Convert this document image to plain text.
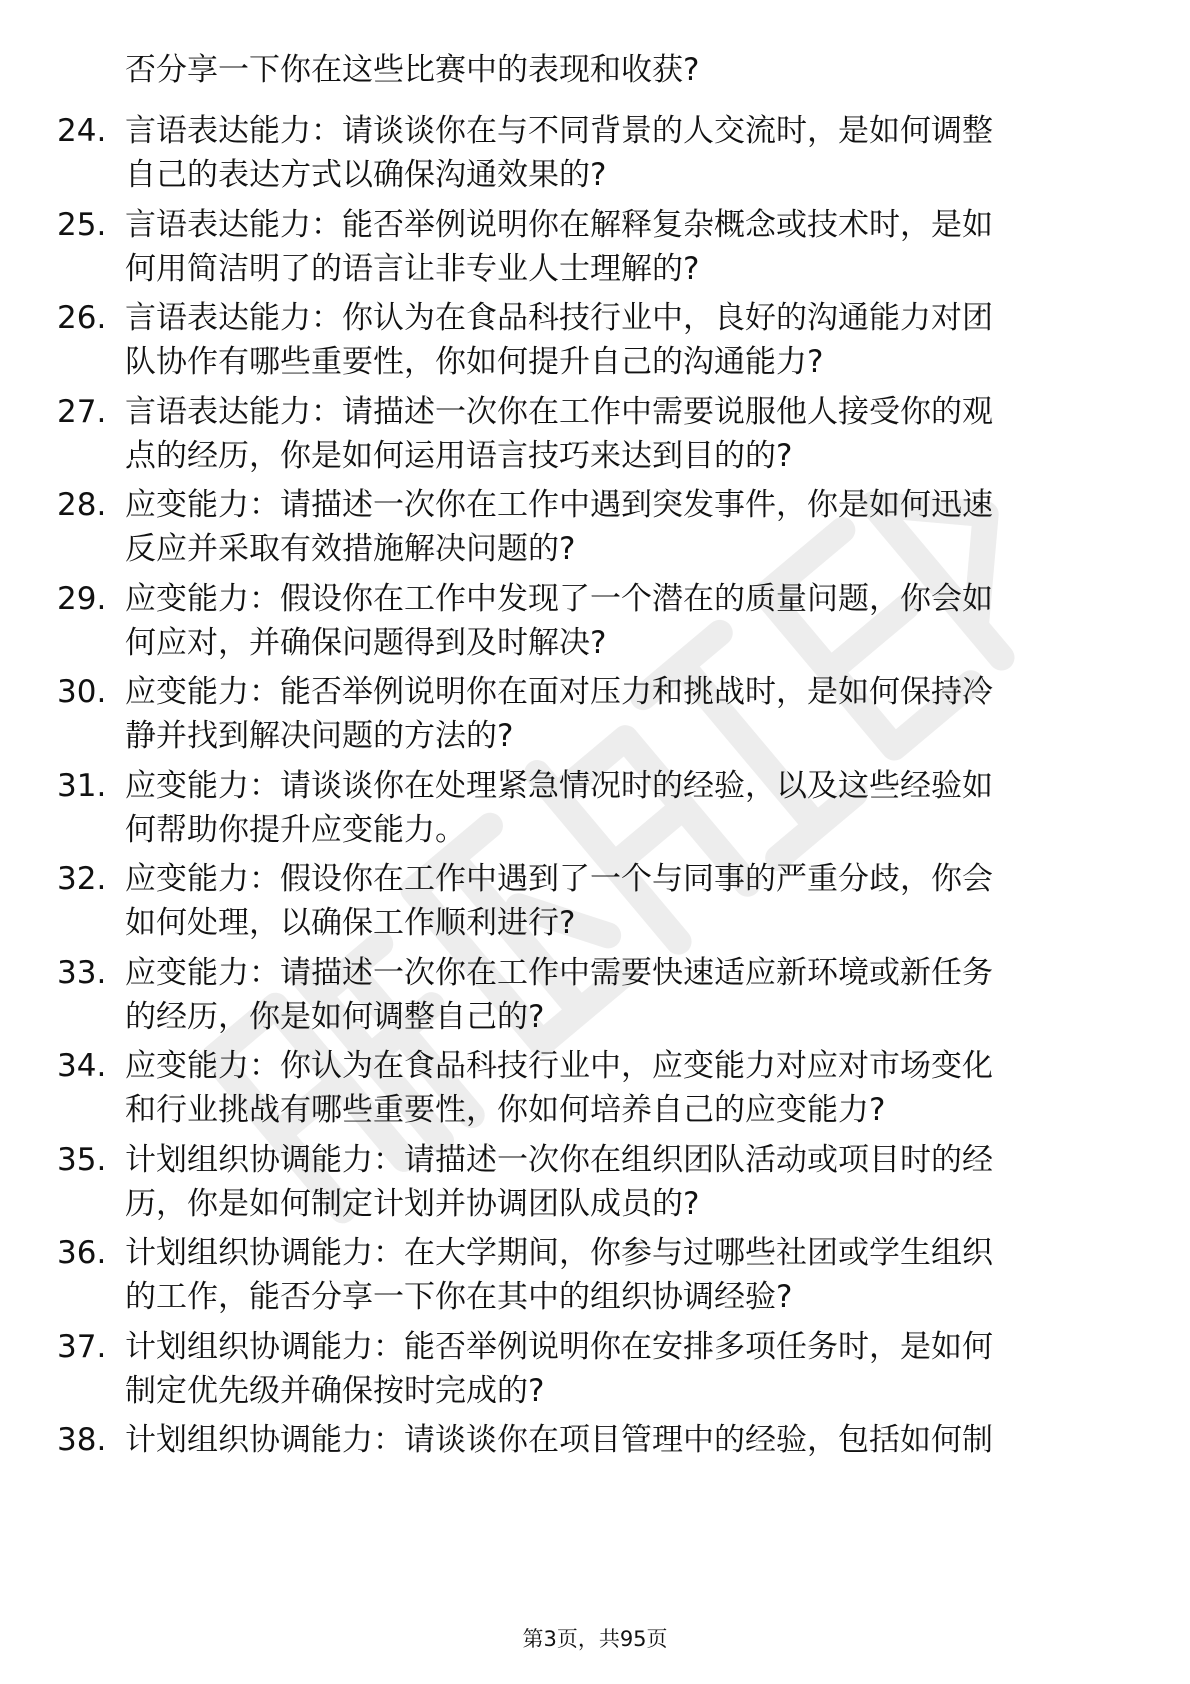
否分享一下你在这些比赛中的表现和收获?
24. 言语表达能力：请谈谈你在与不同背景的人交流时，是如何调整
自己的表达方式以确保沟通效果的?
25. 言语表达能力：能否举例说明你在解释复杂概念或技术时，是如
何用简洁明了的语言让非专业人士理解的?
26. 言语表达能力：你认为在食品科技行业中，良好的沟通能力对团
队协作有哪些重要性，你如何提升自己的沟通能力?
27. 言语表达能力：请描述一次你在工作中需要说服他人接受你的观
点的经历，你是如何运用语言技巧来达到目的的?
28. 应变能力：请描述一次你在工作中遇到突发事件，你是如何迅速
反应并采取有效措施解决问题的?
29. 应变能力：假设你在工作中发现了一个潜在的质量问题，你会如
何应对，并确保问题得到及时解决?
30. 应变能力：能否举例说明你在面对压力和挑战时，是如何保持冷
静并找到解决问题的方法的?
31. 应变能力：请谈谈你在处理紧急情况时的经验，以及这些经验如
何帮助你提升应变能力。
32. 应变能力：假设你在工作中遇到了一个与同事的严重分歧，你会
如何处理，以确保工作顺利进行?
33. 应变能力：请描述一次你在工作中需要快速适应新环境或新任务
的经历，你是如何调整自己的?
34. 应变能力：你认为在食品科技行业中，应变能力对应对市场变化
和行业挑战有哪些重要性，你如何培养自己的应变能力?
35. 计划组织协调能力：请描述一次你在组织团队活动或项目时的经
历，你是如何制定计划并协调团队成员的?
36. 计划组织协调能力：在大学期间，你参与过哪些社团或学生组织
的工作，能否分享一下你在其中的组织协调经验?
37. 计划组织协调能力：能否举例说明你在安排多项任务时，是如何
制定优先级并确保按时完成的?
38. 计划组织协调能力：请谈谈你在项目管理中的经验，包括如何制
第3页，共95页
